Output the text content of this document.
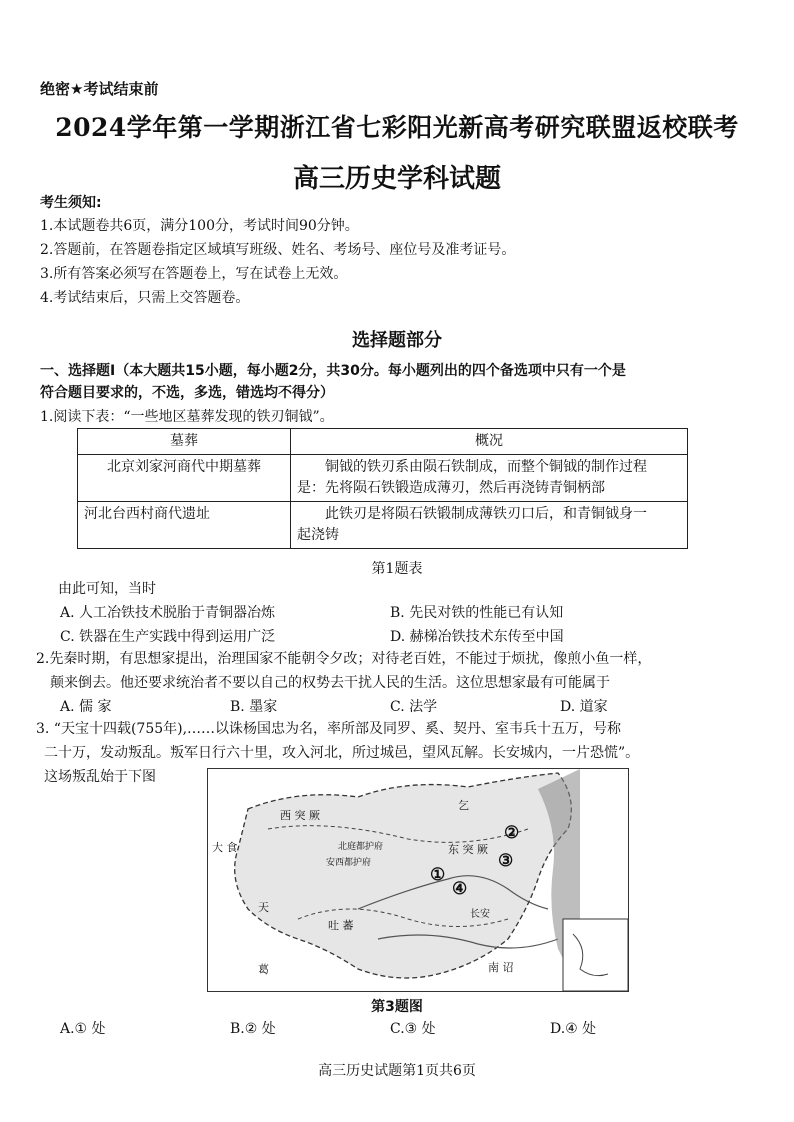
绝密★考试结束前
2024学年第一学期浙江省七彩阳光新高考研究联盟返校联考
高三历史学科试题
考生须知:
1.本试题卷共6页，满分100分，考试时间90分钟。
2.答题前，在答题卷指定区域填写班级、姓名、考场号、座位号及准考证号。
3.所有答案必须写在答题卷上，写在试卷上无效。
4.考试结束后，只需上交答题卷。
选择题部分
一、选择题I（本大题共15小题，每小题2分，共30分。每小题列出的四个备选项中只有一个是
符合题目要求的，不选，多选，错选均不得分）
1.阅读下表：“一些地区墓葬发现的铁刃铜钺”。
墓葬	概况
北京刘家河商代中期墓葬	铜钺的铁刃系由陨石铁制成，而整个铜钺的制作过程
是：先将陨石铁锻造成薄刃，然后再浇铸青铜柄部

河北台西村商代遗址	此铁刃是将陨石铁锻制成薄铁刃口后，和青铜钺身一
起浇铸
第1题表
由此可知，当时
A. 人工冶铁技术脱胎于青铜器冶炼	B. 先民对铁的性能已有认知
C. 铁器在生产实践中得到运用广泛	D. 赫梯冶铁技术东传至中国
2.先秦时期，有思想家提出，治理国家不能朝令夕改；对待老百姓，不能过于烦扰，像煎小鱼一样，
颠来倒去。他还要求统治者不要以自己的权势去干扰人民的生活。这位思想家最有可能属于
A. 儒 家	B. 墨家	C. 法学	D. 道家
3. “天宝十四载(755年),……以诛杨国忠为名，率所部及同罗、奚、契丹、室韦兵十五万，号称
二十万，发动叛乱。叛军日行六十里，攻入河北，所过城邑，望风瓦解。长安城内，一片恐慌”。
这场叛乱始于下图
西 突 厥
东 突 厥
乞
北庭都护府
安西都护府
吐 蕃
长安
大 食
天
葛	南 诏
①
②
③
④
第3题图
A.① 处	B.② 处	C.③ 处	D.④ 处
高三历史试题第1页共6页
